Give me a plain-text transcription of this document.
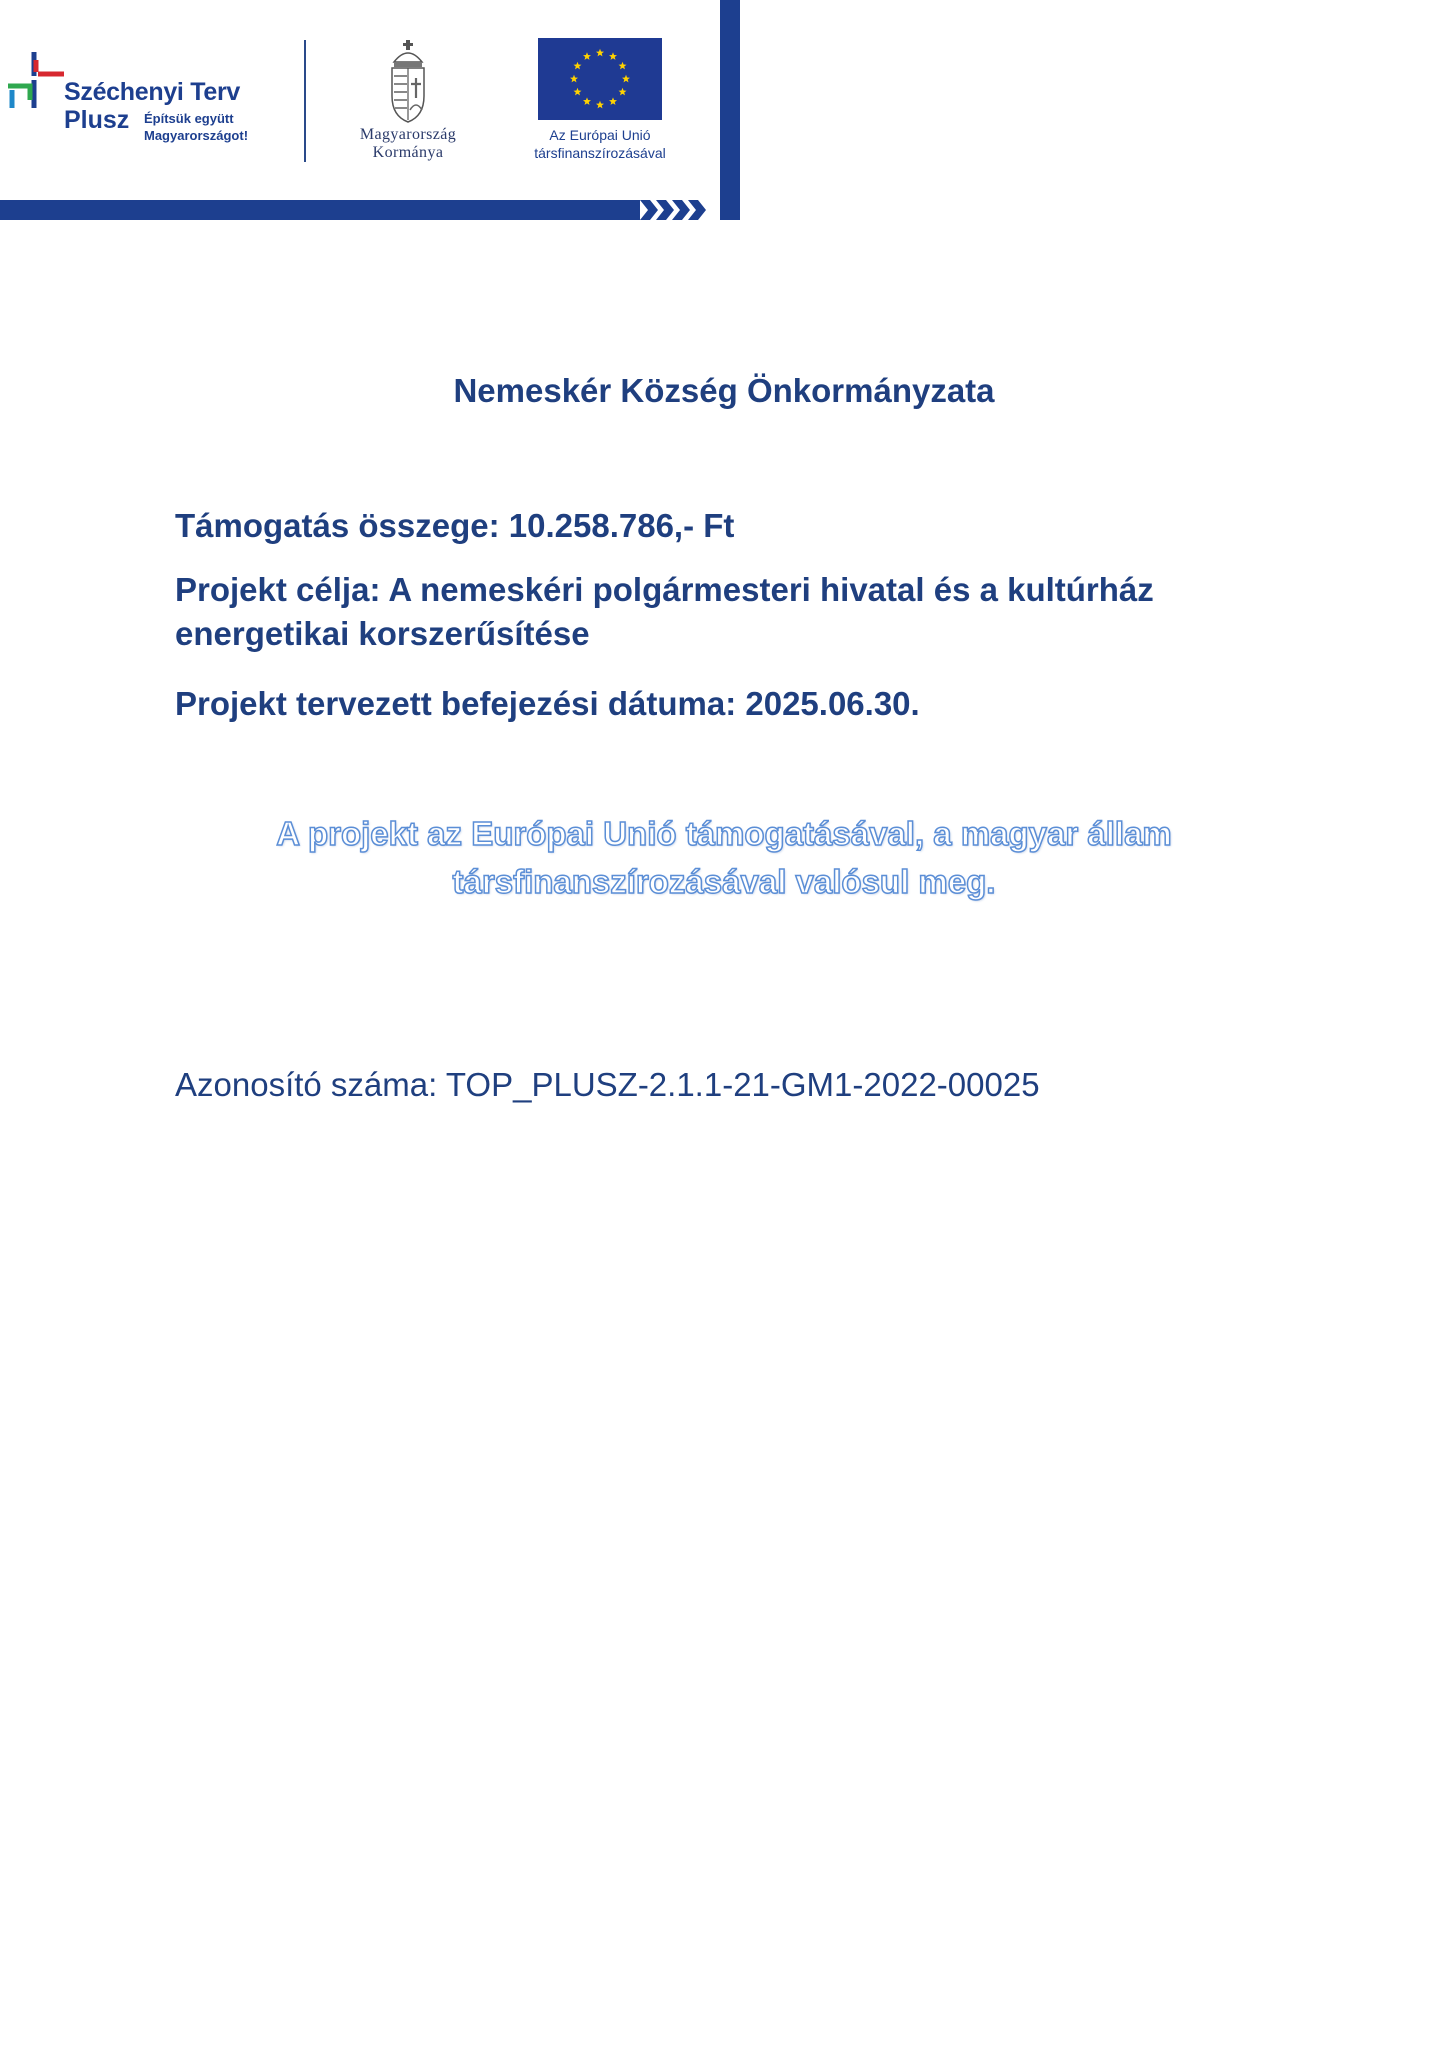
Széchenyi Terv
Plusz Építsük együtt
Magyarországot!	Magyarország
Kormánya
Az Európai Unió
társfinanszírozásával
Nemeskér Község Önkormányzata
Támogatás összege: 10.258.786,- Ft
Projekt célja: A nemeskéri polgármesteri hivatal és a kultúrház energetikai korszerűsítése
Projekt tervezett befejezési dátuma: 2025.06.30.
A projekt az Európai Unió támogatásával, a magyar állam
társfinanszírozásával valósul meg.
Azonosító száma: TOP_PLUSZ-2.1.1-21-GM1-2022-00025
